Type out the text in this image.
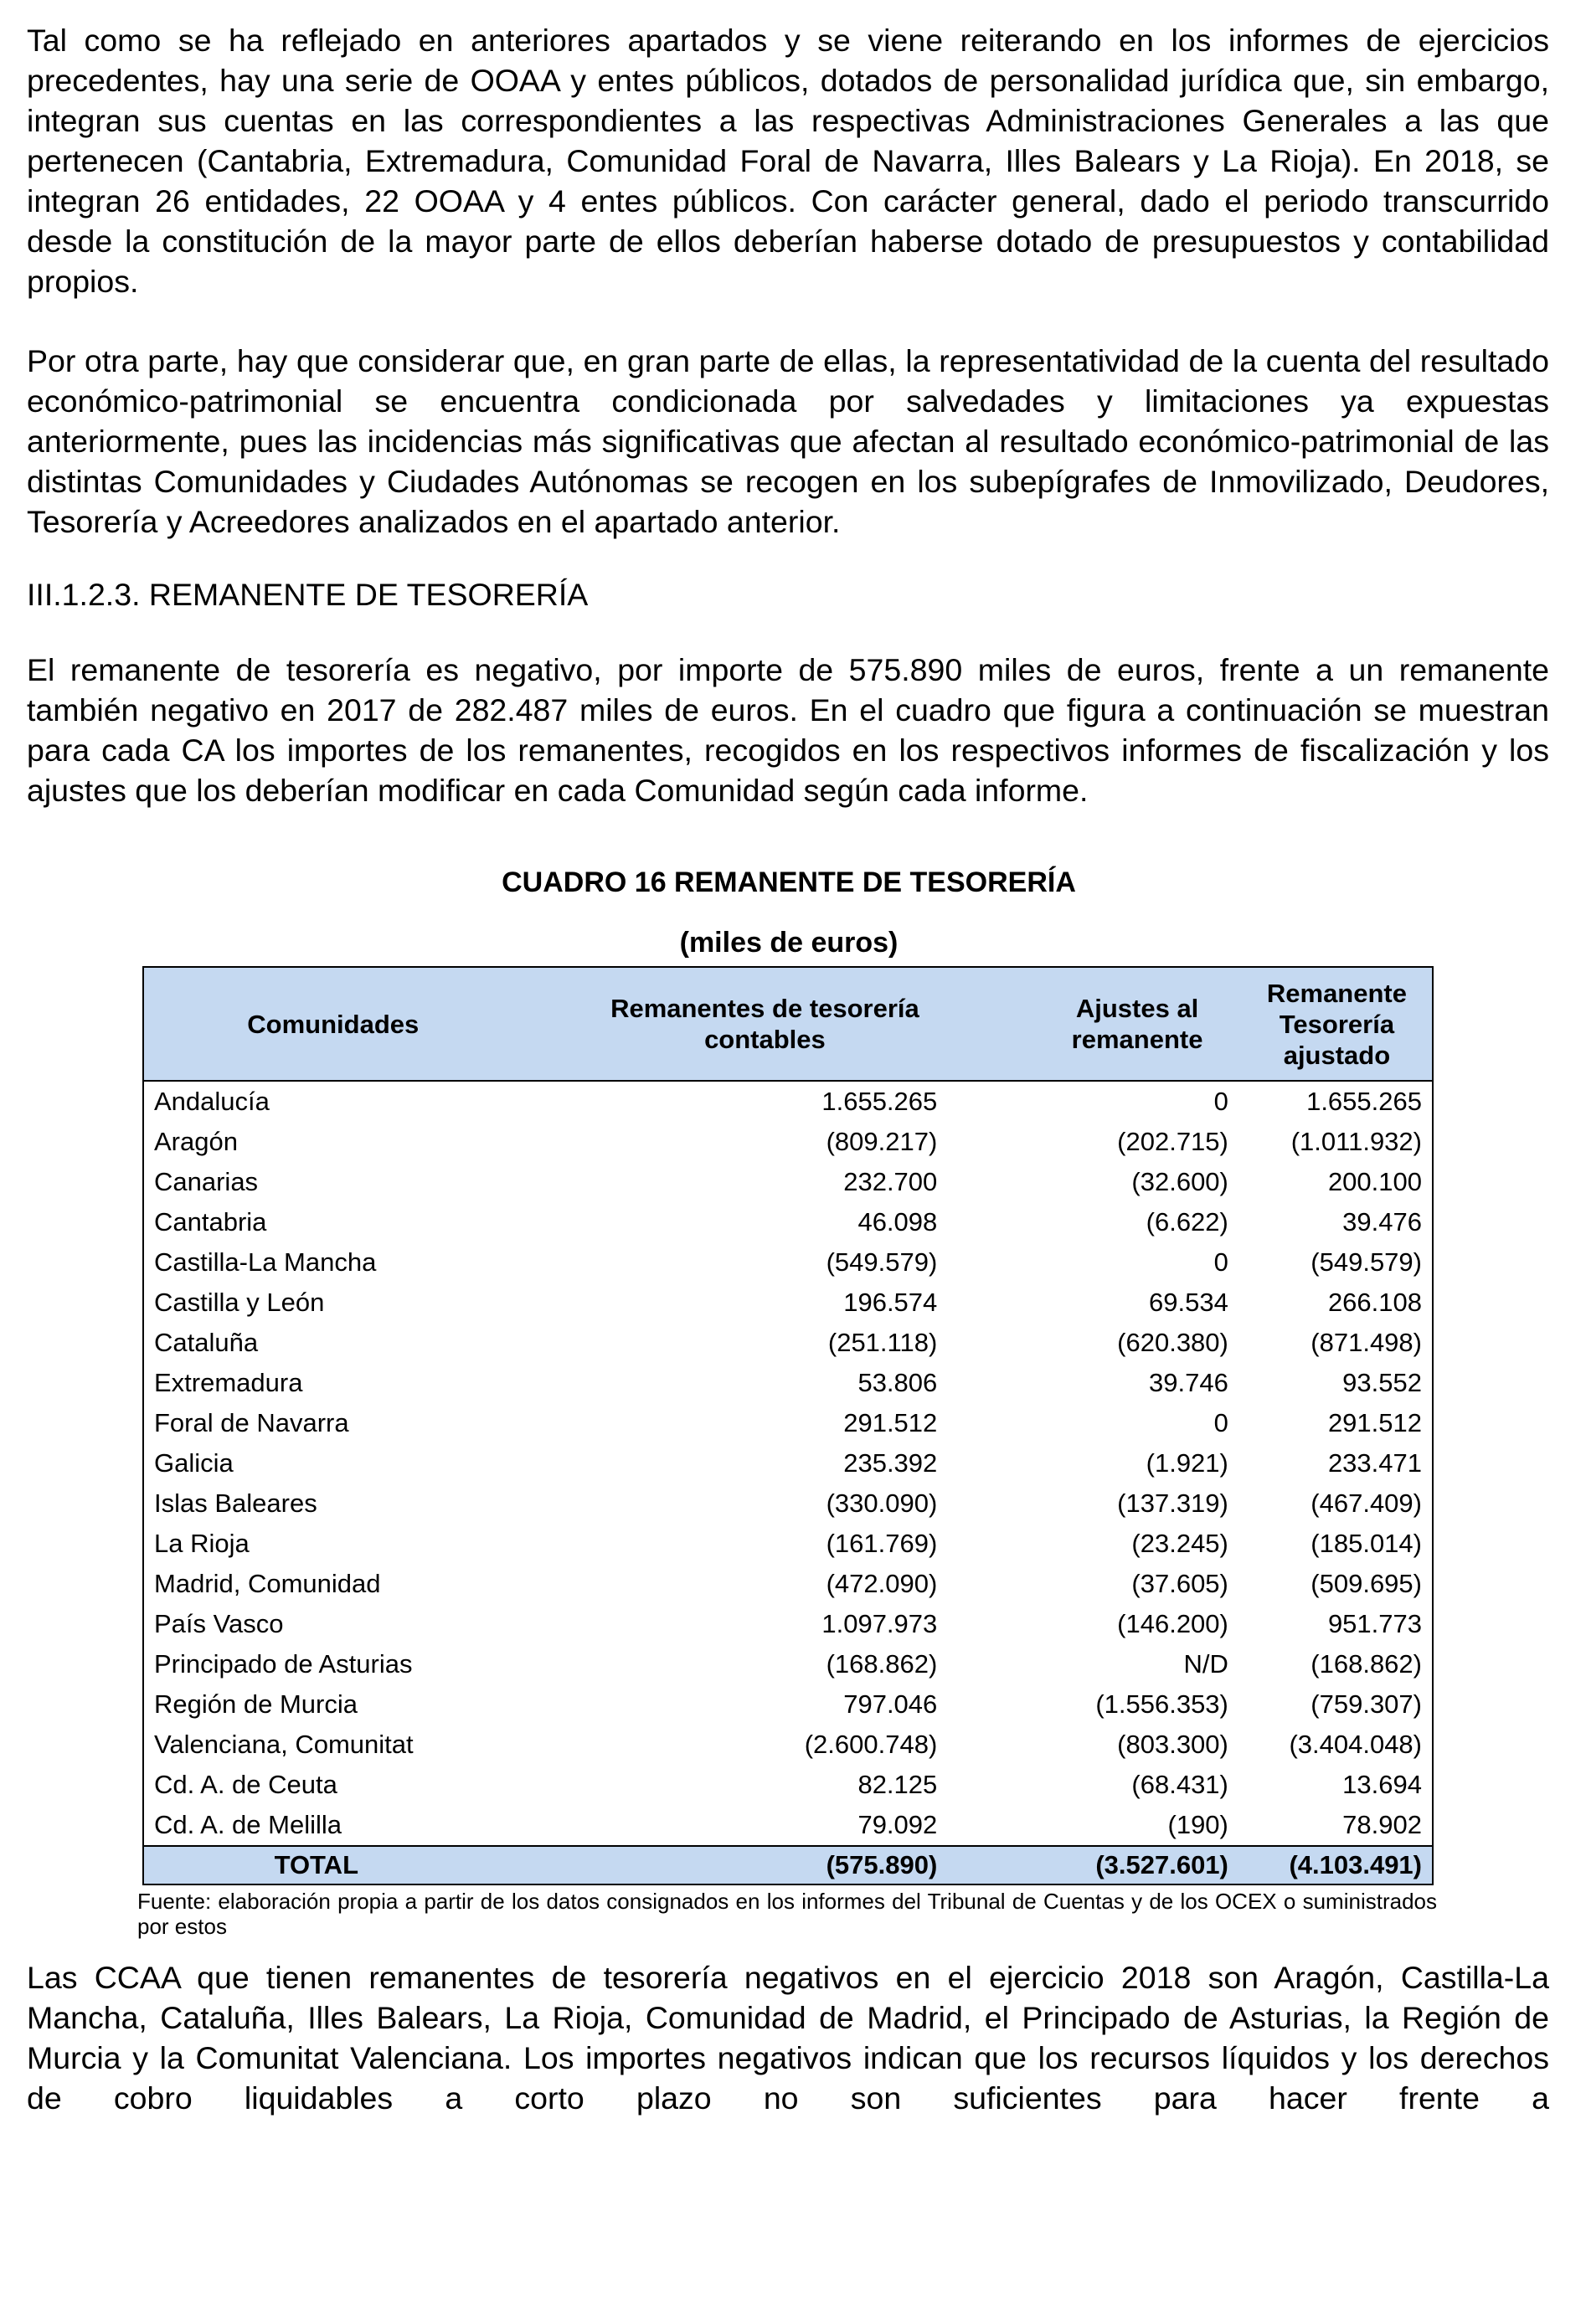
Tal como se ha reflejado en anteriores apartados y se viene reiterando en los informes de ejercicios precedentes, hay una serie de OOAA y entes públicos, dotados de personalidad jurídica que, sin embargo, integran sus cuentas en las correspondientes a las respectivas Administraciones Generales a las que pertenecen (Cantabria, Extremadura, Comunidad Foral de Navarra, Illes Balears y La Rioja). En 2018, se integran 26 entidades, 22 OOAA y 4 entes públicos. Con carácter general, dado el periodo transcurrido desde la constitución de la mayor parte de ellos deberían haberse dotado de presupuestos y contabilidad propios.

Por otra parte, hay que considerar que, en gran parte de ellas, la representatividad de la cuenta del resultado económico-patrimonial se encuentra condicionada por salvedades y limitaciones ya expuestas anteriormente, pues las incidencias más significativas que afectan al resultado económico-patrimonial de las distintas Comunidades y Ciudades Autónomas se recogen en los subepígrafes de Inmovilizado, Deudores, Tesorería y Acreedores analizados en el apartado anterior.

III.1.2.3. REMANENTE DE TESORERÍA

El remanente de tesorería es negativo, por importe de 575.890 miles de euros, frente a un remanente también negativo en 2017 de 282.487 miles de euros. En el cuadro que figura a continuación se muestran para cada CA los importes de los remanentes, recogidos en los respectivos informes de fiscalización y los ajustes que los deberían modificar en cada Comunidad según cada informe.

CUADRO 16 REMANENTE DE TESORERÍA
(miles de euros)
Comunidades	Remanentes de tesorería contables	Ajustes al remanente	Remanente Tesorería ajustado
Andalucía	1.655.265	0	1.655.265
Aragón	(809.217)	(202.715)	(1.011.932)
Canarias	232.700	(32.600)	200.100
Cantabria	46.098	(6.622)	39.476
Castilla-La Mancha	(549.579)	0	(549.579)
Castilla y León	196.574	69.534	266.108
Cataluña	(251.118)	(620.380)	(871.498)
Extremadura	53.806	39.746	93.552
Foral de Navarra	291.512	0	291.512
Galicia	235.392	(1.921)	233.471
Islas Baleares	(330.090)	(137.319)	(467.409)
La Rioja	(161.769)	(23.245)	(185.014)
Madrid, Comunidad	(472.090)	(37.605)	(509.695)
País Vasco	1.097.973	(146.200)	951.773
Principado de Asturias	(168.862)	N/D	(168.862)
Región de Murcia	797.046	(1.556.353)	(759.307)
Valenciana, Comunitat	(2.600.748)	(803.300)	(3.404.048)
Cd. A. de Ceuta	82.125	(68.431)	13.694
Cd. A. de Melilla	79.092	(190)	78.902
TOTAL	(575.890)	(3.527.601)	(4.103.491)
Fuente: elaboración propia a partir de los datos consignados en los informes del Tribunal de Cuentas y de los OCEX o suministrados por estos

Las CCAA que tienen remanentes de tesorería negativos en el ejercicio 2018 son Aragón, Castilla-La Mancha, Cataluña, Illes Balears, La Rioja, Comunidad de Madrid, el Principado de Asturias, la Región de Murcia y la Comunitat Valenciana. Los importes negativos indican que los recursos líquidos y los derechos de cobro liquidables a corto plazo no son suficientes para hacer frente a
